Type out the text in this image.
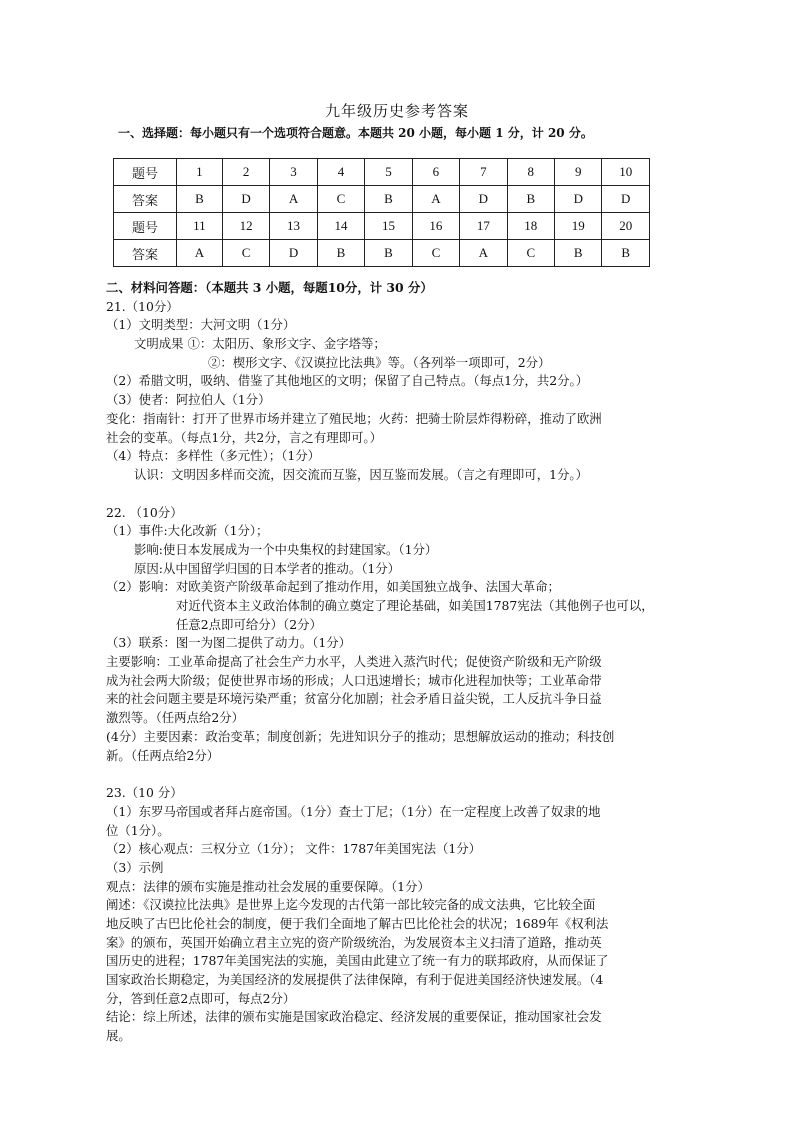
九年级历史参考答案
一、选择题：每小题只有一个选项符合题意。本题共 20 小题，每小题 1 分，计 20 分。
题号	1	2	3	4	5	6	7	8	9	10
答案	B	D	A	C	B	A	D	B	D	D
题号	11	12	13	14	15	16	17	18	19	20
答案	A	C	D	B	B	C	A	C	B	B
二、材料问答题：（本题共 3 小题，每题10分，计 30 分）
21.（10分）
（1）文明类型：大河文明（1分）
文明成果 ①：太阳历、象形文字、金字塔等；
②：楔形文字、《汉谟拉比法典》等。（各列举一项即可，2分）
（2）希腊文明，吸纳、借鉴了其他地区的文明；保留了自己特点。（每点1分，共2分。）
（3）使者：阿拉伯人（1分）
变化：指南针：打开了世界市场并建立了殖民地；火药：把骑士阶层炸得粉碎，推动了欧洲
社会的变革。（每点1分，共2分，言之有理即可。）
（4）特点：多样性（多元性）；（1分）
认识：文明因多样而交流，因交流而互鉴，因互鉴而发展。（言之有理即可，1分。）
22. （10分）
（1）事件:大化改新（1分）；
影响:使日本发展成为一个中央集权的封建国家。（1分）
原因:从中国留学归国的日本学者的推动。（1分）
（2）影响：对欧美资产阶级革命起到了推动作用，如美国独立战争、法国大革命；
对近代资本主义政治体制的确立奠定了理论基础，如美国1787宪法（其他例子也可以，
任意2点即可给分）（2分）
（3）联系：图一为图二提供了动力。（1分）
主要影响：工业革命提高了社会生产力水平，人类进入蒸汽时代；促使资产阶级和无产阶级
成为社会两大阶级；促使世界市场的形成；人口迅速增长；城市化进程加快等；工业革命带
来的社会问题主要是环境污染严重；贫富分化加剧；社会矛盾日益尖锐，工人反抗斗争日益
激烈等。（任两点给2分）
(4分）主要因素：政治变革；制度创新；先进知识分子的推动；思想解放运动的推动；科技创
新。（任两点给2分）
23.（10 分）
（1）东罗马帝国或者拜占庭帝国。（1分）查士丁尼；（1分）在一定程度上改善了奴隶的地
位（1分）。
（2）核心观点：三权分立（1分）； 文件：1787年美国宪法（1分）
（3）示例
观点：法律的颁布实施是推动社会发展的重要保障。（1分）
阐述：《汉谟拉比法典》是世界上迄今发现的古代第一部比较完备的成文法典，它比较全面
地反映了古巴比伦社会的制度，便于我们全面地了解古巴比伦社会的状况；1689年《权利法
案》的颁布，英国开始确立君主立宪的资产阶级统治，为发展资本主义扫清了道路，推动英
国历史的进程；1787年美国宪法的实施，美国由此建立了统一有力的联邦政府，从而保证了
国家政治长期稳定，为美国经济的发展提供了法律保障，有利于促进美国经济快速发展。（4
分，答到任意2点即可，每点2分）
结论：综上所述，法律的颁布实施是国家政治稳定、经济发展的重要保证，推动国家社会发
展。
